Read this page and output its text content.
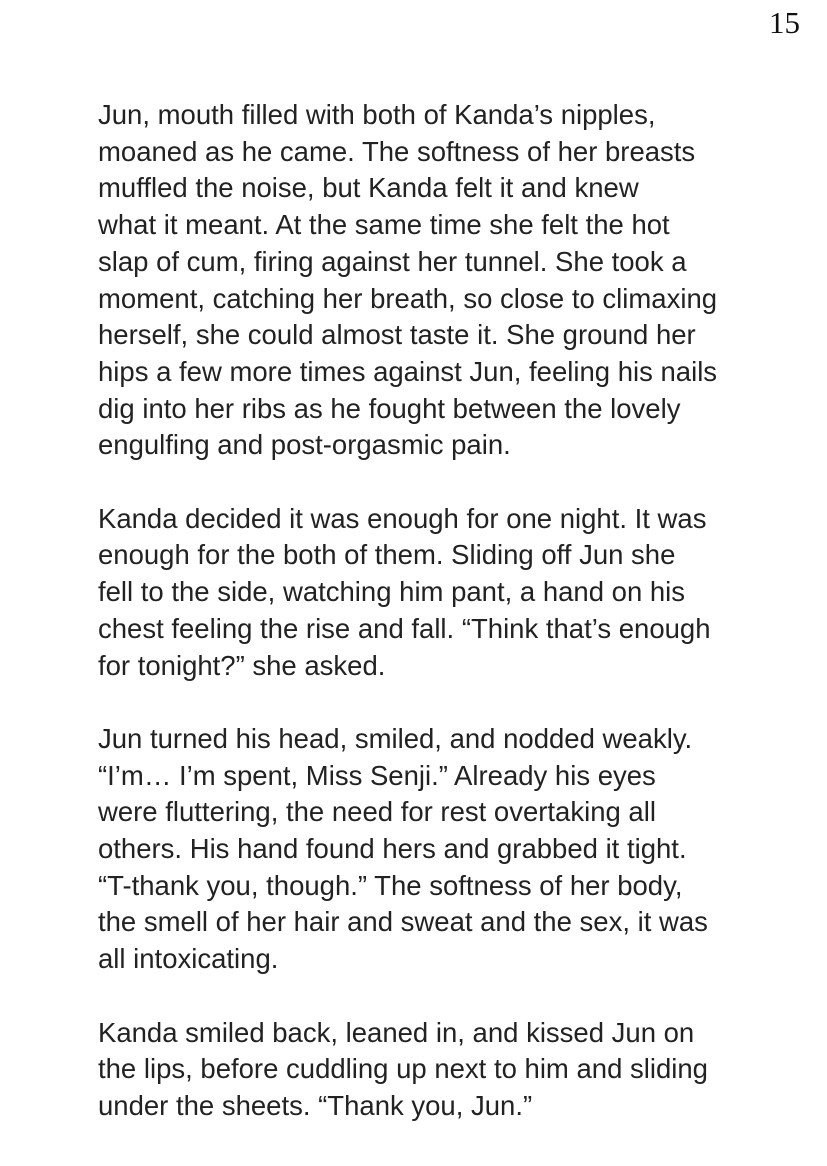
15

Jun, mouth filled with both of Kanda’s nipples,
moaned as he came. The softness of her breasts
muffled the noise, but Kanda felt it and knew
what it meant. At the same time she felt the hot
slap of cum, firing against her tunnel. She took a
moment, catching her breath, so close to climaxing
herself, she could almost taste it. She ground her
hips a few more times against Jun, feeling his nails
dig into her ribs as he fought between the lovely
engulfing and post-orgasmic pain.

Kanda decided it was enough for one night. It was
enough for the both of them. Sliding off Jun she
fell to the side, watching him pant, a hand on his
chest feeling the rise and fall. “Think that’s enough
for tonight?” she asked.

Jun turned his head, smiled, and nodded weakly.
“I’m… I’m spent, Miss Senji.” Already his eyes
were fluttering, the need for rest overtaking all
others. His hand found hers and grabbed it tight.
“T-thank you, though.” The softness of her body,
the smell of her hair and sweat and the sex, it was
all intoxicating.

Kanda smiled back, leaned in, and kissed Jun on
the lips, before cuddling up next to him and sliding
under the sheets. “Thank you, Jun.”
